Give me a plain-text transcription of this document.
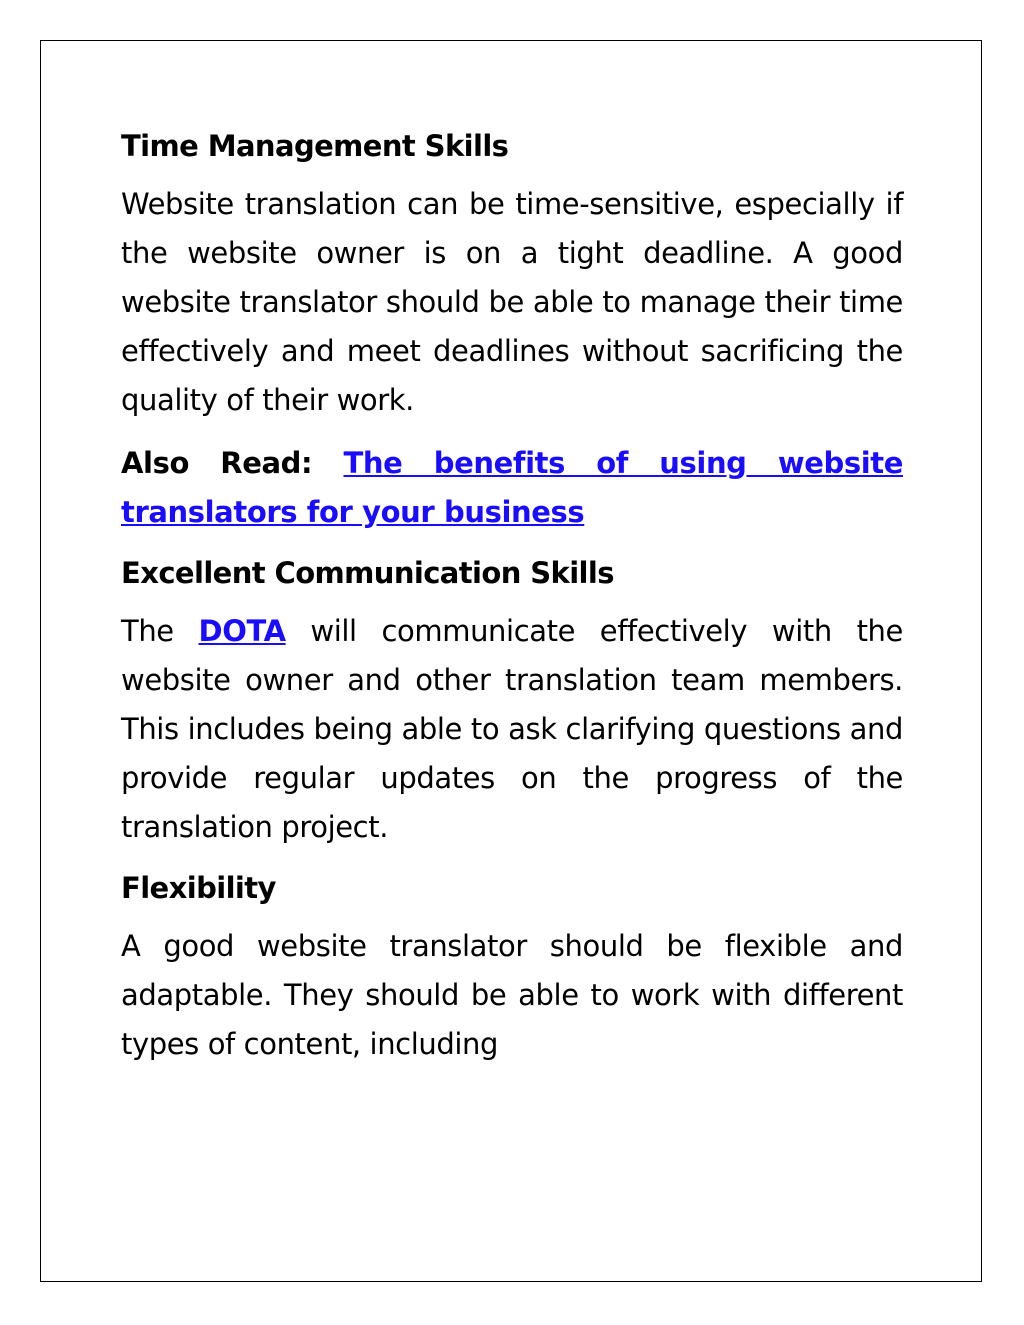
Time Management Skills
Website translation can be time-sensitive, especially if the website owner is on a tight deadline. A good website translator should be able to manage their time effectively and meet deadlines without sacrificing the quality of their work.
Also Read: The benefits of using website translators for your business
Excellent Communication Skills
The DOTA will communicate effectively with the website owner and other translation team members. This includes being able to ask clarifying questions and provide regular updates on the progress of the translation project.
Flexibility
A good website translator should be flexible and adaptable. They should be able to work with different types of content, including
